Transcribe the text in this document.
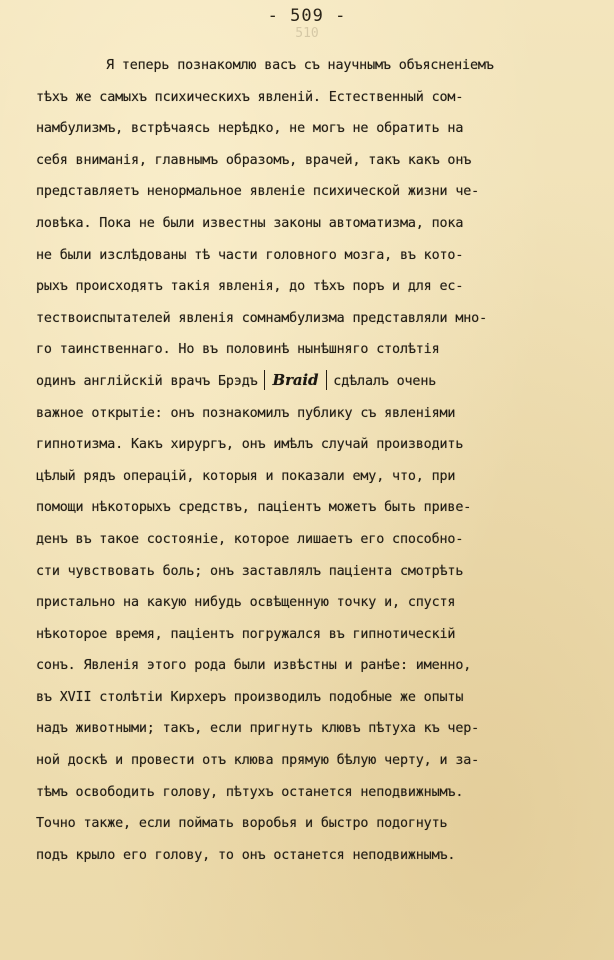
- 509 -
510
Я теперь познакомлю васъ съ научнымъ объясненiемъ
тѣхъ же самыхъ психическихъ явленiй. Естественный сом-
намбулизмъ, встрѣчаясь нерѣдко, не могъ не обратить на
себя вниманiя, главнымъ образомъ, врачей, такъ какъ онъ
представляетъ ненормальное явленiе психической жизни че-
ловѣка. Пока не были известны законы автоматизма, пока
не были изслѣдованы тѣ части головного мозга, въ кото-
рыхъ происходятъ такiя явленiя, до тѣхъ поръ и для ес-
тествоиспытателей явленiя сомнамбулизма представляли мно-
го таинственнаго. Но въ половинѣ нынѣшняго столѣтiя
одинъ англiйскiй врачъ Брэдъ Braid сдѣлалъ очень
важное открытiе: онъ познакомилъ публику съ явленiями
гипнотизма. Какъ хирургъ, онъ имѣлъ случай производить
цѣлый рядъ операцiй, которыя и показали ему, что, при
помощи нѣкоторыхъ средствъ, пацiентъ можетъ быть приве-
денъ въ такое состоянiе, которое лишаетъ его способно-
сти чувствовать боль; онъ заставлялъ пацiента смотрѣть
пристально на какую нибудь освѣщенную точку и, спустя
нѣкоторое время, пацiентъ погружался въ гипнотическiй
сонъ. Явленiя этого рода были извѣстны и ранѣе: именно,
въ XVII столѣтiи Кирхеръ производилъ подобные же опыты
надъ животными; такъ, если пригнуть клювъ пѣтуха къ чер-
ной доскѣ и провести отъ клюва прямую бѣлую черту, и за-
тѣмъ освободить голову, пѣтухъ останется неподвижнымъ.
Точно также, если поймать воробья и быстро подогнуть
подъ крыло его голову, то онъ останется неподвижнымъ.
